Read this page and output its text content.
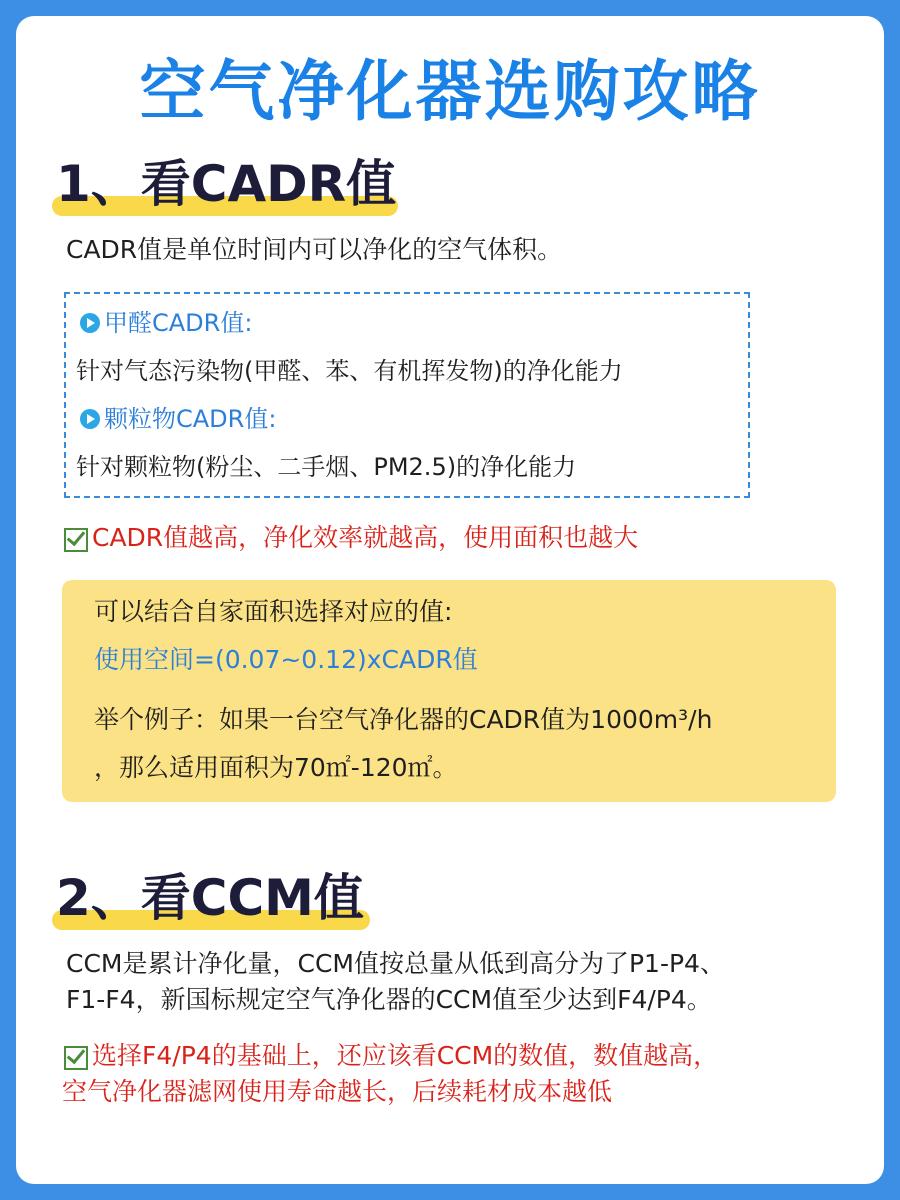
空气净化器选购攻略
1、看CADR值
CADR值是单位时间内可以净化的空气体积。
甲醛CADR值:
针对气态污染物(甲醛、苯、有机挥发物)的净化能力
颗粒物CADR值:
针对颗粒物(粉尘、二手烟、PM2.5)的净化能力
CADR值越高，净化效率就越高，使用面积也越大
可以结合自家面积选择对应的值:
使用空间=(0.07~0.12)xCADR值
举个例子：如果一台空气净化器的CADR值为1000m³/h
，那么适用面积为70㎡-120㎡。
2、看CCM值
CCM是累计净化量，CCM值按总量从低到高分为了P1-P4、
F1-F4，新国标规定空气净化器的CCM值至少达到F4/P4。
选择F4/P4的基础上，还应该看CCM的数值，数值越高，
空气净化器滤网使用寿命越长，后续耗材成本越低
